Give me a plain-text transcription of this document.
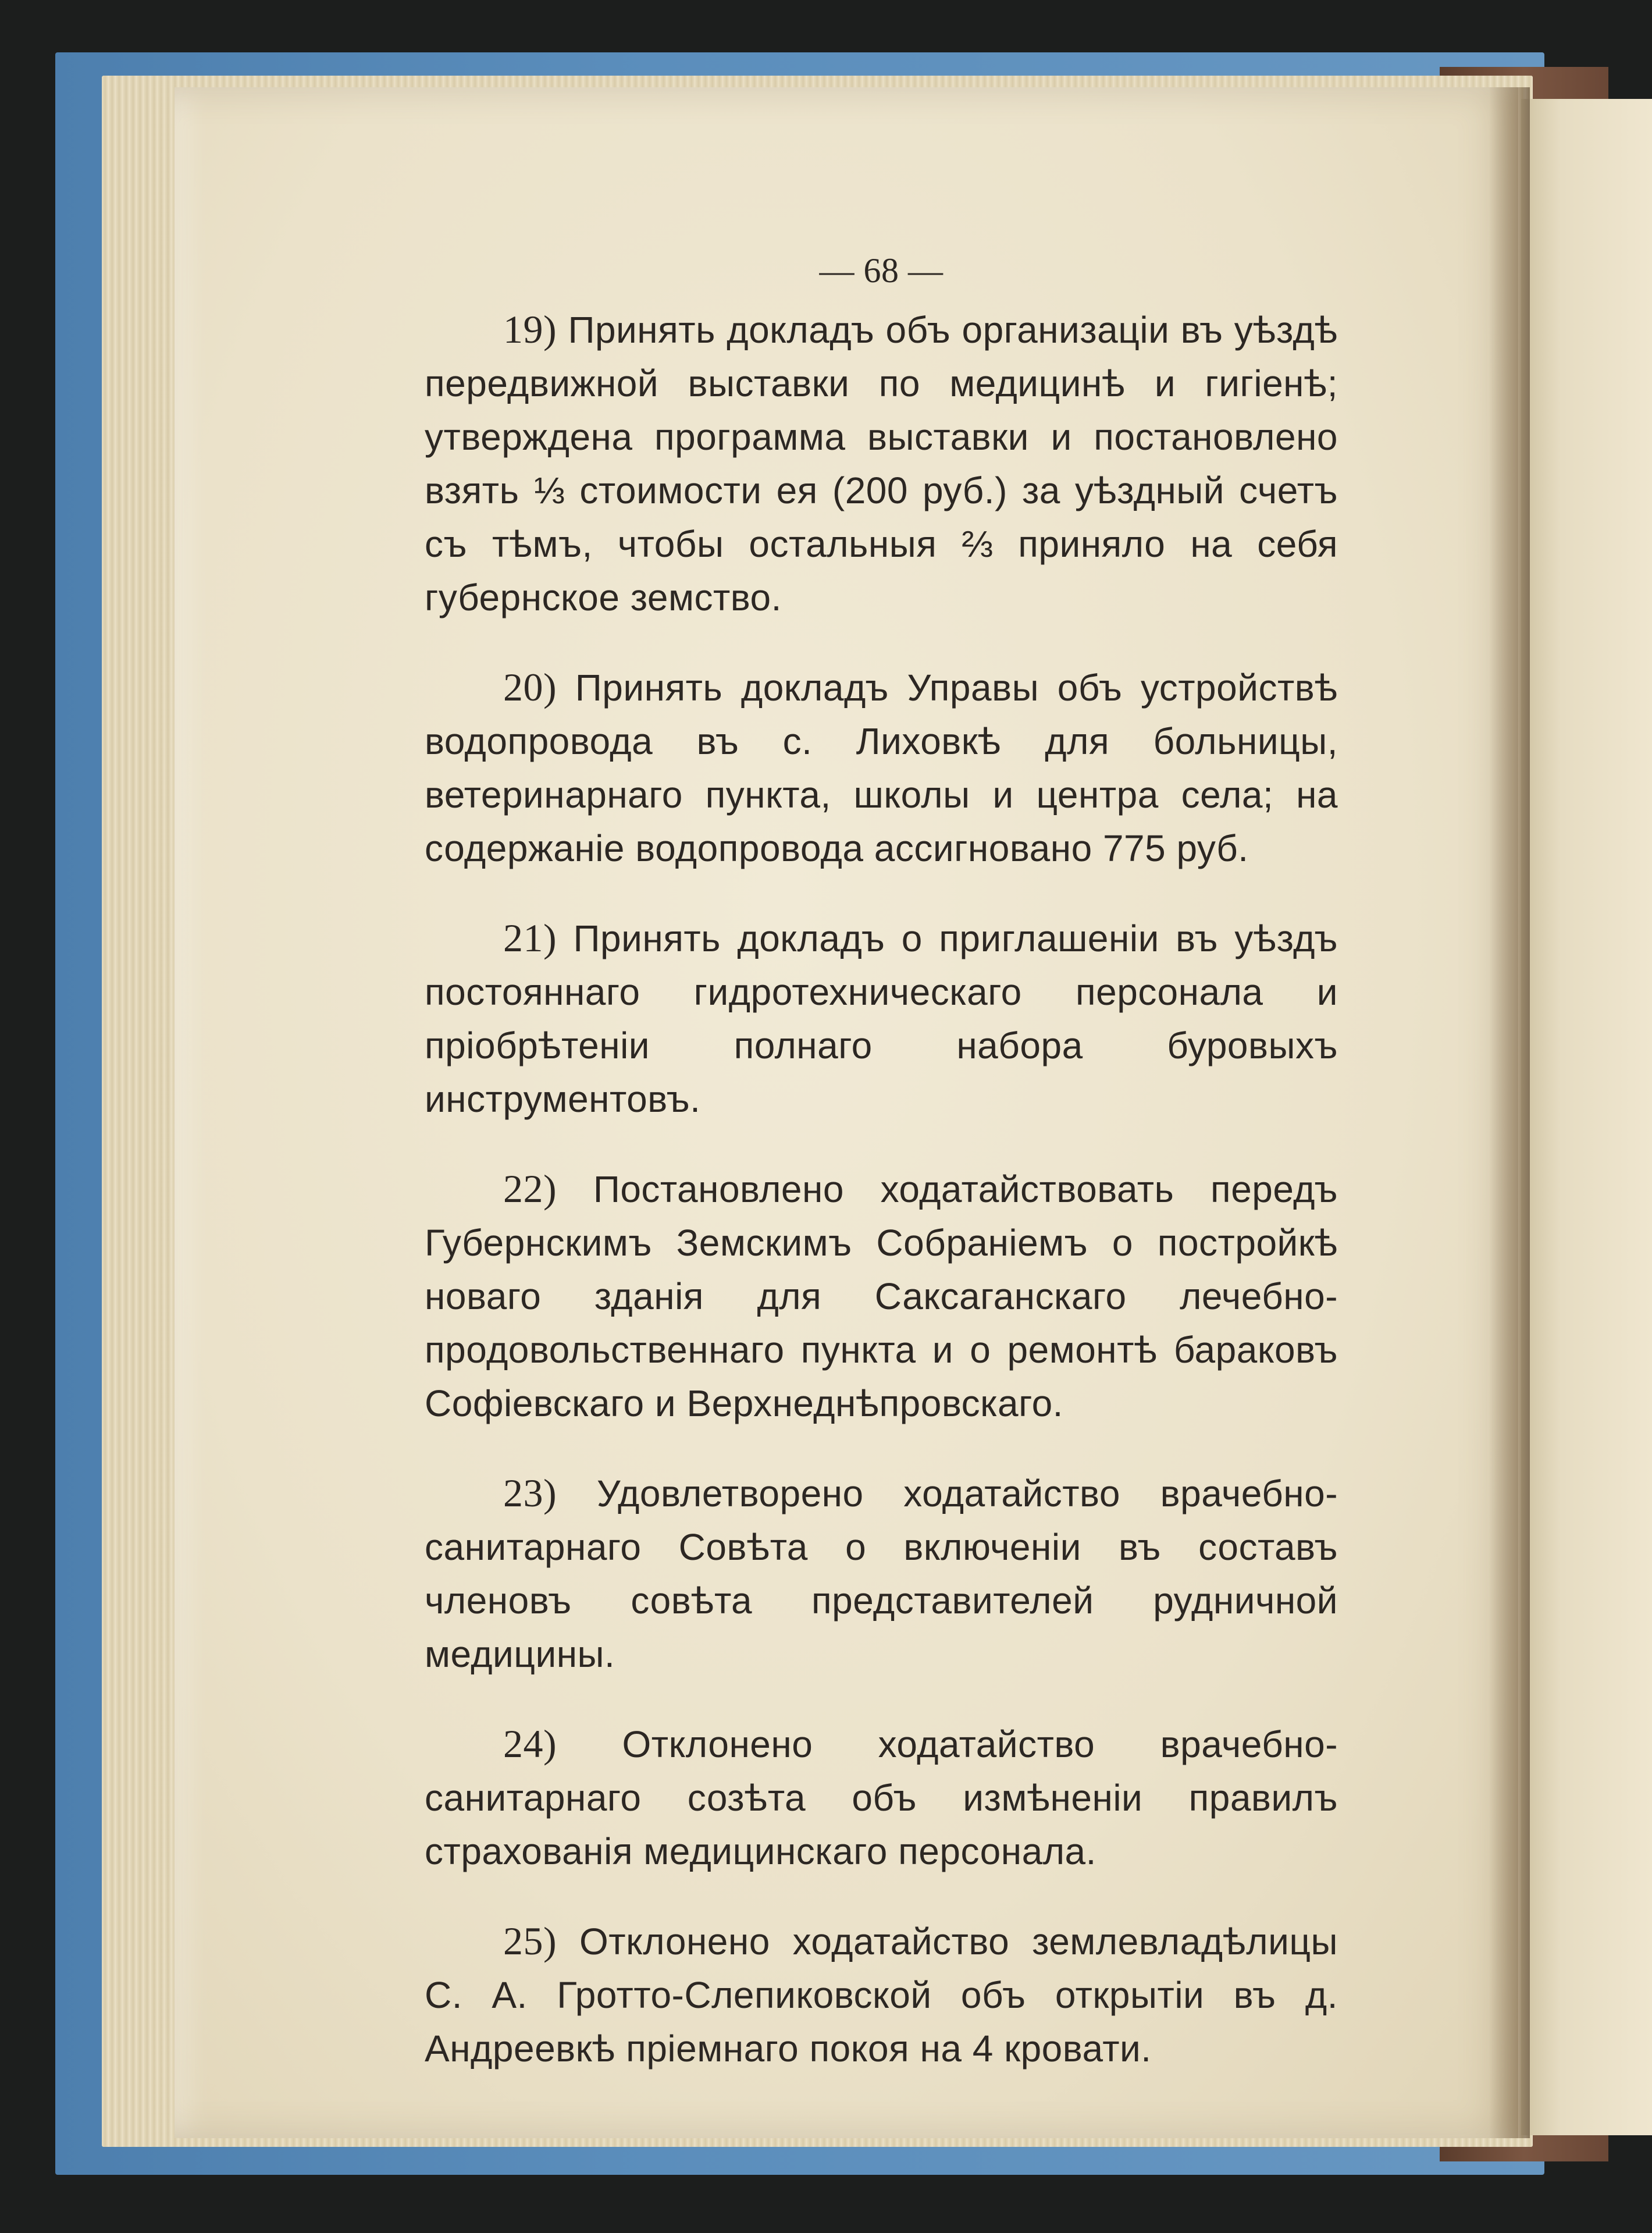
— 68 —

19) Принять докладъ объ организаціи въ уѣздѣ передвижной выставки по медицинѣ и гигіенѣ; утверждена программа выставки и постановлено взять ⅓ стоимости ея (200 руб.) за уѣздный счетъ съ тѣмъ, чтобы остальныя ⅔ приняло на себя губернское земство.

20) Принять докладъ Управы объ устройствѣ водопровода въ с. Лиховкѣ для больницы, ветеринарнаго пункта, школы и центра села; на содержаніе водопровода ассигновано 775 руб.

21) Принять докладъ о приглашеніи въ уѣздъ постояннаго гидротехническаго персонала и пріобрѣтеніи полнаго набора буровыхъ инструментовъ.

22) Постановлено ходатайствовать передъ Губернскимъ Земскимъ Собраніемъ о постройкѣ новаго зданія для Саксаганскаго лечебно-продовольственнаго пункта и о ремонтѣ бараковъ Софіевскаго и Верхнеднѣпровскаго.

23) Удовлетворено ходатайство врачебно-санитарнаго Совѣта о включеніи въ составъ членовъ совѣта представителей рудничной медицины.

24) Отклонено ходатайство врачебно-санитарнаго созѣта объ измѣненіи правилъ страхованія медицинскаго персонала.

25) Отклонено ходатайство землевладѣлицы С. А. Гротто-Слепиковской объ открытіи въ д. Андреевкѣ пріемнаго покоя на 4 кровати.
